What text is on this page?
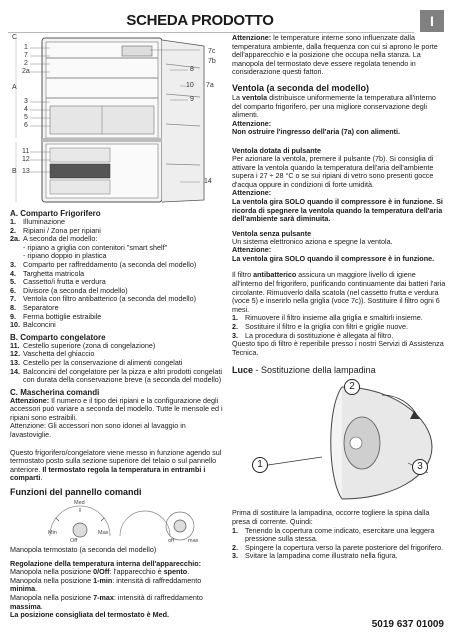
SCHEDA PRODOTTO	I
C
A
B
1
7
2
2a
3
4
5
6
11
12
13
8
9
10 7a
7c
7b
14
A. Comparto Frigorifero
1. Illuminazione
2. Ripiani / Zona per ripiani
2a. A seconda del modello:
- ripiano a griglia con contenitori "smart shelf"
- ripiano doppio in plastica
3. Comparto per raffreddamento (a seconda del modello)
4. Targhetta matricola
5. Cassetto/i frutta e verdura
6. Divisore (a seconda del modello)
7. Ventola con filtro antibatterico (a seconda del modello)
8. Separatore
9. Ferma bottiglie estraibile
10. Balconcini
B. Comparto congelatore
11. Cestello superiore (zona di congelazione)
12. Vaschetta del ghiaccio
13. Cestello per la conservazione di alimenti congelati
14. Balconcini del congelatore per la pizza e altri prodotti congelati
con durata della conservazione breve (a seconda del modello)
C. Mascherina comandi

Attenzione: Il numero e il tipo dei ripiani e la configurazione degli accessori può variare a seconda del modello. Tutte le mensole ed i ripiani sono estraibili.

Attenzione: Gli accessori non sono idonei al lavaggio in lavastoviglie.

Questo frigorifero/congelatore viene messo in funzione agendo sul termostato posto sulla sezione superiore del telaio o sul pannello anteriore. Il termostato regola la temperatura in entrambi i comparti.

Funzioni del pannello comandi
Med
Min	Max
Off	off	max

Manopola termostato (a seconda del modello)

Regolazione della temperatura interna dell'apparecchio:

Manopola nella posizione 0/Off: l'apparecchio è spento.

Manopola nella posizione 1-min: intensità di raffreddamento minima.

Manopola nella posizione 7-max: intensità di raffreddamento massima.

La posizione consigliata del termostato è Med.

Attenzione: le temperature interne sono influenzate dalla temperatura ambiente, dalla frequenza con cui si aprono le porte dell'apparecchio e la posizione che occupa nella stanza. La manopola del termostato deve essere regolata tenendo in considerazione questi fattori.

Ventola (a seconda del modello)

La ventola distribuisce uniformemente la temperatura all'interno del comparto frigorifero, per una migliore conservazione degli alimenti.

Attenzione:

Non ostruire l'ingresso dell'aria (7a) con alimenti.

Ventola dotata di pulsante

Per azionare la ventola, premere il pulsante (7b). Si consiglia di attivare la ventola quando la temperatura dell'aria dell'ambiente supera i 27 ÷ 28 °C o se sui ripiani di vetro sono presenti gocce d'acqua oppure in condizioni di forte umidità.

Attenzione:

La ventola gira SOLO quando il compressore è in funzione. Si ricorda di spegnere la ventola quando la temperatura dell'aria dell'ambiente sarà diminuita.

Ventola senza pulsante

Un sistema elettronico aziona e spegne la ventola.

Attenzione:

La ventola gira SOLO quando il compressore è in funzione.

Il filtro antibatterico assicura un maggiore livello di igiene all'interno del frigorifero, purificando continuamente dai batteri l'aria circolante. Rimuoverlo dalla scatola (nel cassetto frutta e verdura (voce 5) e inserirlo nella griglia (voce 7c)). Sostituire il filtro ogni 6 mesi.

1. Rimuovere il filtro insieme alla griglia e smaltirli insieme.
2. Sostituire il filtro e la griglia con filtri e griglie nuove.
3. La procedura di sostituzione è allegata al filtro.

Questo tipo di filtro è reperibile presso i nostri Servizi di Assistenza Tecnica.

Luce - Sostituzione della lampadina
1
2
3

Prima di sostituire la lampadina, occorre togliere la spina dalla presa di corrente. Quindi:

1. Tenendo la copertura come indicato, esercitare una leggera pressione sulla stessa.
2. Spingere la copertura verso la parete posteriore del frigorifero.
3. Svitare la lampadina come illustrato nella figura.
5019 637 01009
